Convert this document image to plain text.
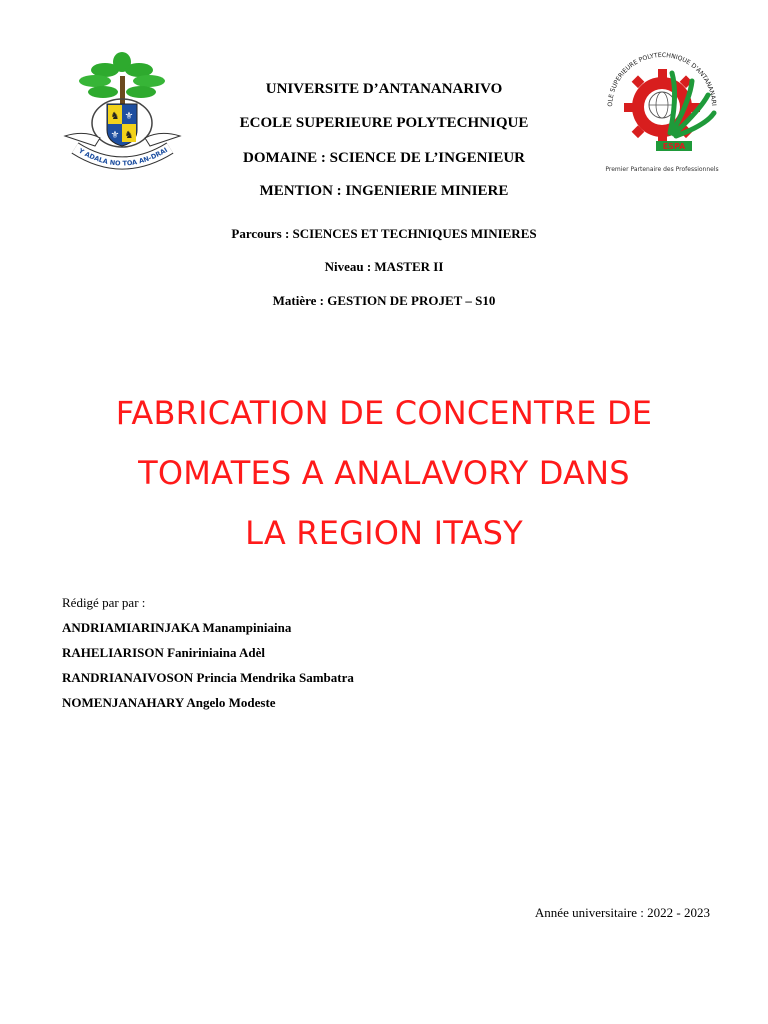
♞ ⚜
⚜ ♞
Y ADALA NO TOA AN-DRAI	ESPA
OLE SUPERIEURE POLYTECHNIQUE D'ANTANANARI
Premier Partenaire des Professionnels
UNIVERSITE D’ANTANANARIVO
ECOLE SUPERIEURE POLYTECHNIQUE
DOMAINE : SCIENCE DE L’INGENIEUR
MENTION : INGENIERIE MINIERE
Parcours : SCIENCES ET TECHNIQUES MINIERES
Niveau : MASTER II
Matière : GESTION DE PROJET – S10
FABRICATION DE CONCENTRE DE
TOMATES A ANALAVORY DANS
LA REGION ITASY
Rédigé par par :
ANDRIAMIARINJAKA Manampiniaina
RAHELIARISON Faniriniaina Adèl
RANDRIANAIVOSON Princia Mendrika Sambatra
NOMENJANAHARY Angelo Modeste
Année universitaire : 2022 - 2023
